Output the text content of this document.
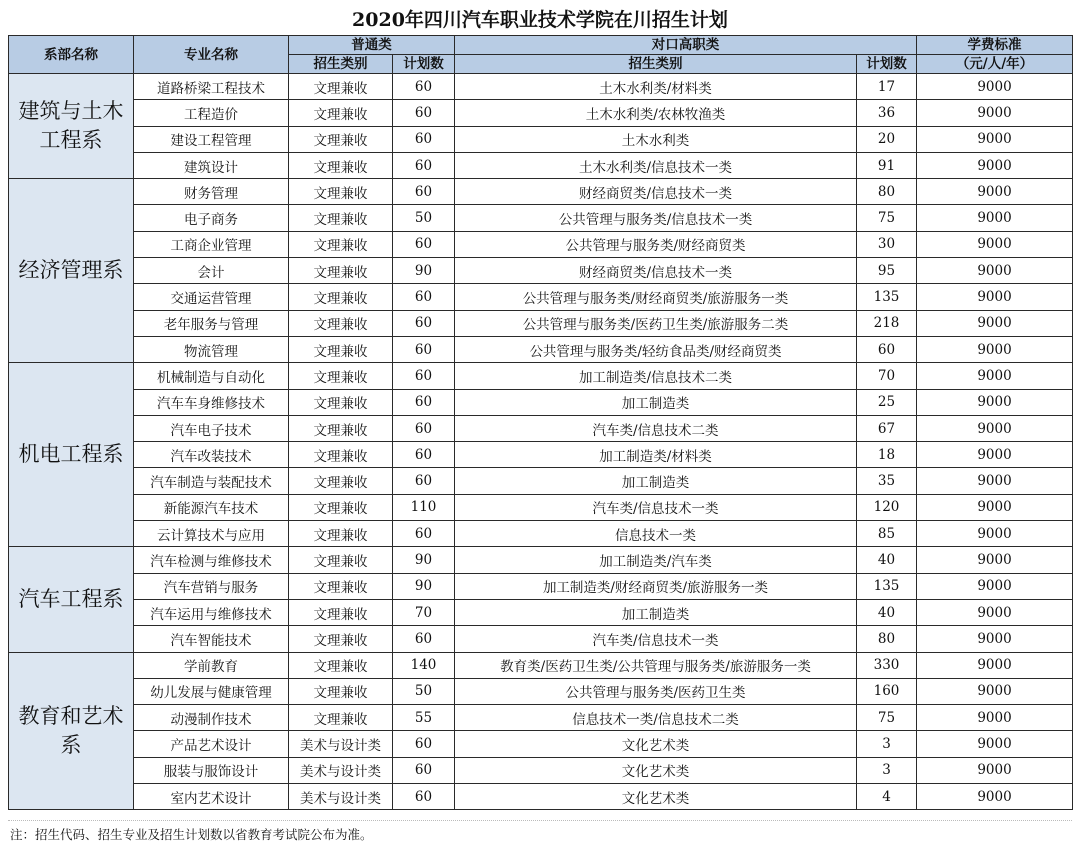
2020年四川汽车职业技术学院在川招生计划
系部名称	专业名称	普通类		对口高职类		学费标准
		招生类别	计划数	招生类别	计划数	（元/人/年）
建筑与土木工程系	道路桥梁工程技术	文理兼收	60	土木水利类/材料类	17	9000
	工程造价	文理兼收	60	土木水利类/农林牧渔类	36	9000
	建设工程管理	文理兼收	60	土木水利类	20	9000
	建筑设计	文理兼收	60	土木水利类/信息技术一类	91	9000
经济管理系	财务管理	文理兼收	60	财经商贸类/信息技术一类	80	9000
	电子商务	文理兼收	50	公共管理与服务类/信息技术一类	75	9000
	工商企业管理	文理兼收	60	公共管理与服务类/财经商贸类	30	9000
	会计	文理兼收	90	财经商贸类/信息技术一类	95	9000
	交通运营管理	文理兼收	60	公共管理与服务类/财经商贸类/旅游服务一类	135	9000
	老年服务与管理	文理兼收	60	公共管理与服务类/医药卫生类/旅游服务二类	218	9000
	物流管理	文理兼收	60	公共管理与服务类/轻纺食品类/财经商贸类	60	9000
机电工程系	机械制造与自动化	文理兼收	60	加工制造类/信息技术二类	70	9000
	汽车车身维修技术	文理兼收	60	加工制造类	25	9000
	汽车电子技术	文理兼收	60	汽车类/信息技术二类	67	9000
	汽车改装技术	文理兼收	60	加工制造类/材料类	18	9000
	汽车制造与装配技术	文理兼收	60	加工制造类	35	9000
	新能源汽车技术	文理兼收	110	汽车类/信息技术一类	120	9000
	云计算技术与应用	文理兼收	60	信息技术一类	85	9000
汽车工程系	汽车检测与维修技术	文理兼收	90	加工制造类/汽车类	40	9000
	汽车营销与服务	文理兼收	90	加工制造类/财经商贸类/旅游服务一类	135	9000
	汽车运用与维修技术	文理兼收	70	加工制造类	40	9000
	汽车智能技术	文理兼收	60	汽车类/信息技术一类	80	9000
教育和艺术系	学前教育	文理兼收	140	教育类/医药卫生类/公共管理与服务类/旅游服务一类	330	9000
	幼儿发展与健康管理	文理兼收	50	公共管理与服务类/医药卫生类	160	9000
	动漫制作技术	文理兼收	55	信息技术一类/信息技术二类	75	9000
	产品艺术设计	美术与设计类	60	文化艺术类	3	9000
	服装与服饰设计	美术与设计类	60	文化艺术类	3	9000
	室内艺术设计	美术与设计类	60	文化艺术类	4	9000
注：招生代码、招生专业及招生计划数以省教育考试院公布为准。
